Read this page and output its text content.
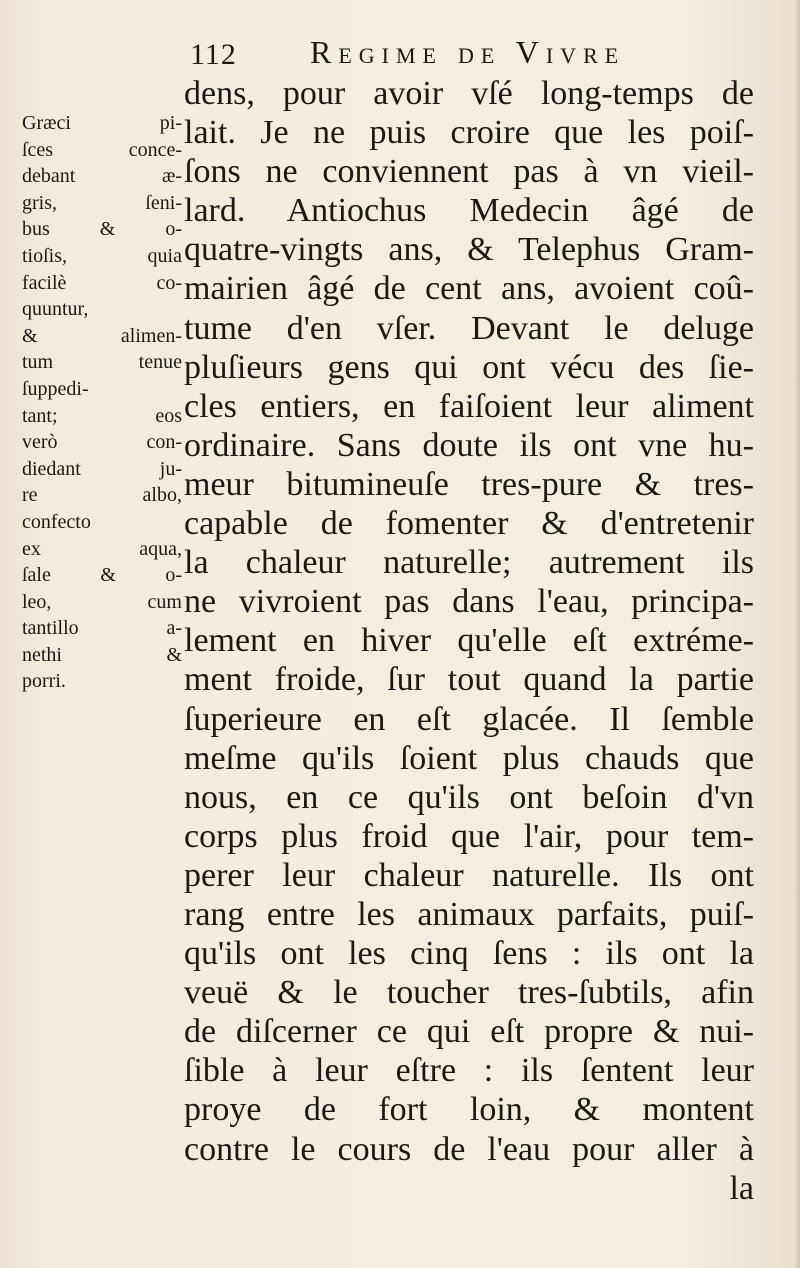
112 Regime de Vivre
Græci pi-
ſces conce-
debant æ-
gris, ſeni-
bus & o-
tioſis, quia
facilè co-
quuntur,
& alimen-
tum tenue
ſuppedi-
tant; eos
verò con-
diedant ju-
re albo,
confecto
ex aqua,
ſale & o-
leo, cum
tantillo a-
nethi &
porri.
dens, pour avoir vſé long-temps de
lait. Je ne puis croire que les poiſ-
ſons ne conviennent pas à vn vieil-
lard. Antiochus Medecin âgé de
quatre-vingts ans, & Telephus Gram-
mairien âgé de cent ans, avoient coû-
tume d'en vſer. Devant le deluge
pluſieurs gens qui ont vécu des ſie-
cles entiers, en faiſoient leur aliment
ordinaire. Sans doute ils ont vne hu-
meur bitumineuſe tres-pure & tres-
capable de fomenter & d'entretenir
la chaleur naturelle; autrement ils
ne vivroient pas dans l'eau, principa-
lement en hiver qu'elle eſt extréme-
ment froide, ſur tout quand la partie
ſuperieure en eſt glacée. Il ſemble
meſme qu'ils ſoient plus chauds que
nous, en ce qu'ils ont beſoin d'vn
corps plus froid que l'air, pour tem-
perer leur chaleur naturelle. Ils ont
rang entre les animaux parfaits, puiſ-
qu'ils ont les cinq ſens : ils ont la
veuë & le toucher tres-ſubtils, afin
de diſcerner ce qui eſt propre & nui-
ſible à leur eſtre : ils ſentent leur
proye de fort loin, & montent
contre le cours de l'eau pour aller à
la
